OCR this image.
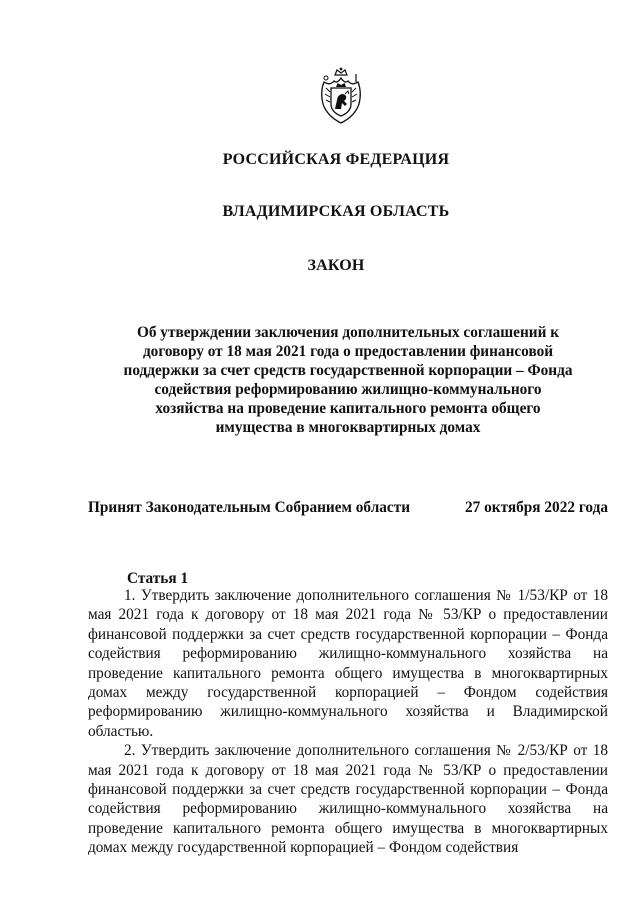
РОССИЙСКАЯ ФЕДЕРАЦИЯ
ВЛАДИМИРСКАЯ ОБЛАСТЬ
ЗАКОН
Об утверждении заключения дополнительных соглашений к договору от 18 мая 2021 года о предоставлении финансовой поддержки за счет средств государственной корпорации – Фонда содействия реформированию жилищно-коммунального хозяйства на проведение капитального ремонта общего имущества в многоквартирных домах
Принят Законодательным Собранием области	27 октября 2022 года
Статья 1

1. Утвердить заключение дополнительного соглашения № 1/53/КР от 18 мая 2021 года к договору от 18 мая 2021 года № 53/КР о предоставлении финансовой поддержки за счет средств государственной корпорации – Фонда содействия реформированию жилищно-коммунального хозяйства на проведение капитального ремонта общего имущества в многоквартирных домах между государственной корпорацией – Фондом содействия реформированию жилищно-коммунального хозяйства и Владимирской областью.

2. Утвердить заключение дополнительного соглашения № 2/53/КР от 18 мая 2021 года к договору от 18 мая 2021 года № 53/КР о предоставлении финансовой поддержки за счет средств государственной корпорации – Фонда содействия реформированию жилищно-коммунального хозяйства на проведение капитального ремонта общего имущества в многоквартирных домах между государственной корпорацией – Фондом содействия
